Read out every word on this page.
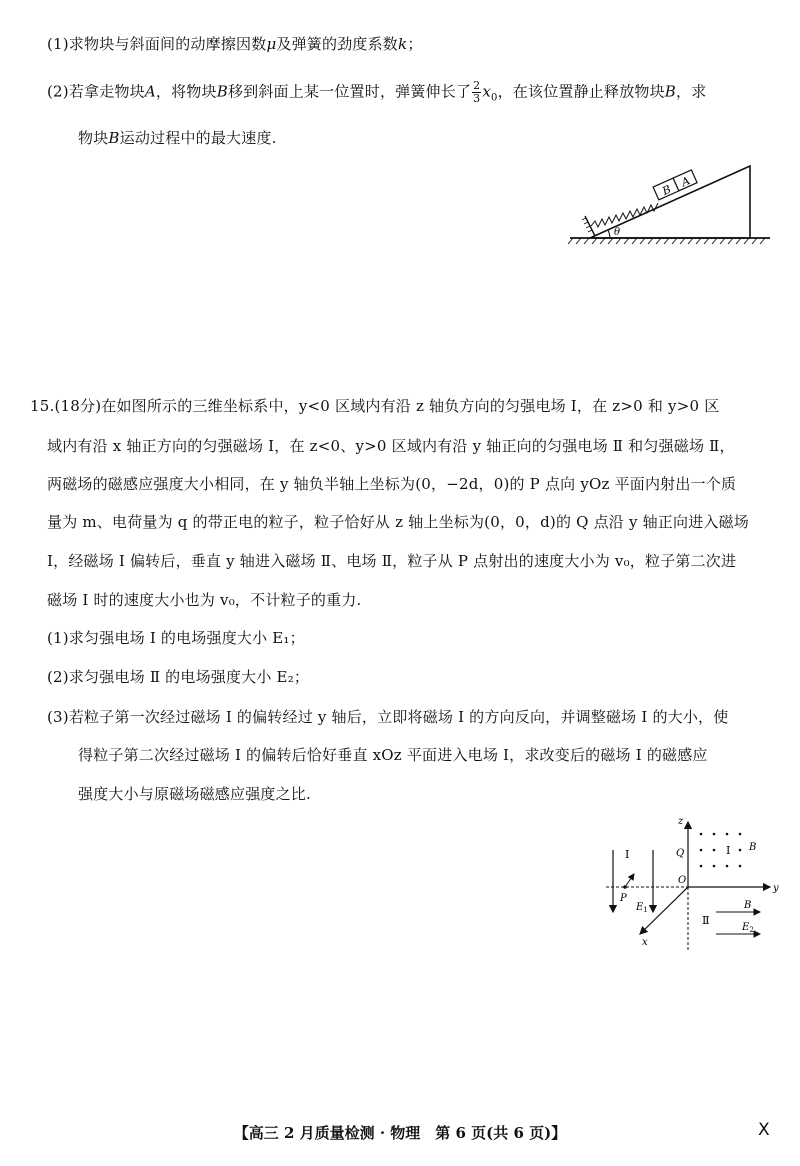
(1)求物块与斜面间的动摩擦因数μ及弹簧的劲度系数k；
(2)若拿走物块A，将物块B移到斜面上某一位置时，弹簧伸长了 $\frac{2}{3} x_0$，在该位置静止释放物块B，求
物块B运动过程中的最大速度.
B
A
θ
15.(18分)在如图所示的三维坐标系中，y<0 区域内有沿 z 轴负方向的匀强电场 Ⅰ，在 z>0 和 y>0 区
域内有沿 x 轴正方向的匀强磁场 Ⅰ，在 z<0、y>0 区域内有沿 y 轴正向的匀强电场 Ⅱ 和匀强磁场 Ⅱ，
两磁场的磁感应强度大小相同，在 y 轴负半轴上坐标为(0，−2d，0)的 P 点向 yOz 平面内射出一个质
量为 m、电荷量为 q 的带正电的粒子，粒子恰好从 z 轴上坐标为(0，0，d)的 Q 点沿 y 轴正向进入磁场
Ⅰ，经磁场 Ⅰ 偏转后，垂直 y 轴进入磁场 Ⅱ、电场 Ⅱ，粒子从 P 点射出的速度大小为 v₀，粒子第二次进
磁场 Ⅰ 时的速度大小也为 v₀，不计粒子的重力.
(1)求匀强电场 Ⅰ 的电场强度大小 E₁；
(2)求匀强电场 Ⅱ 的电场强度大小 E₂；
(3)若粒子第一次经过磁场 Ⅰ 的偏转经过 y 轴后，立即将磁场 Ⅰ 的方向反向，并调整磁场 Ⅰ 的大小，使
得粒子第二次经过磁场 Ⅰ 的偏转后恰好垂直 xOz 平面进入电场 Ⅰ，求改变后的磁场 Ⅰ 的磁感应
强度大小与原磁场磁感应强度之比.
z
y
x
O
Q	Ⅰ B
Ⅰ
P
$E_1$
Ⅱ
B
$E_2$
【高三 2 月质量检测 · 物理　第 6 页(共 6 页)】	X
